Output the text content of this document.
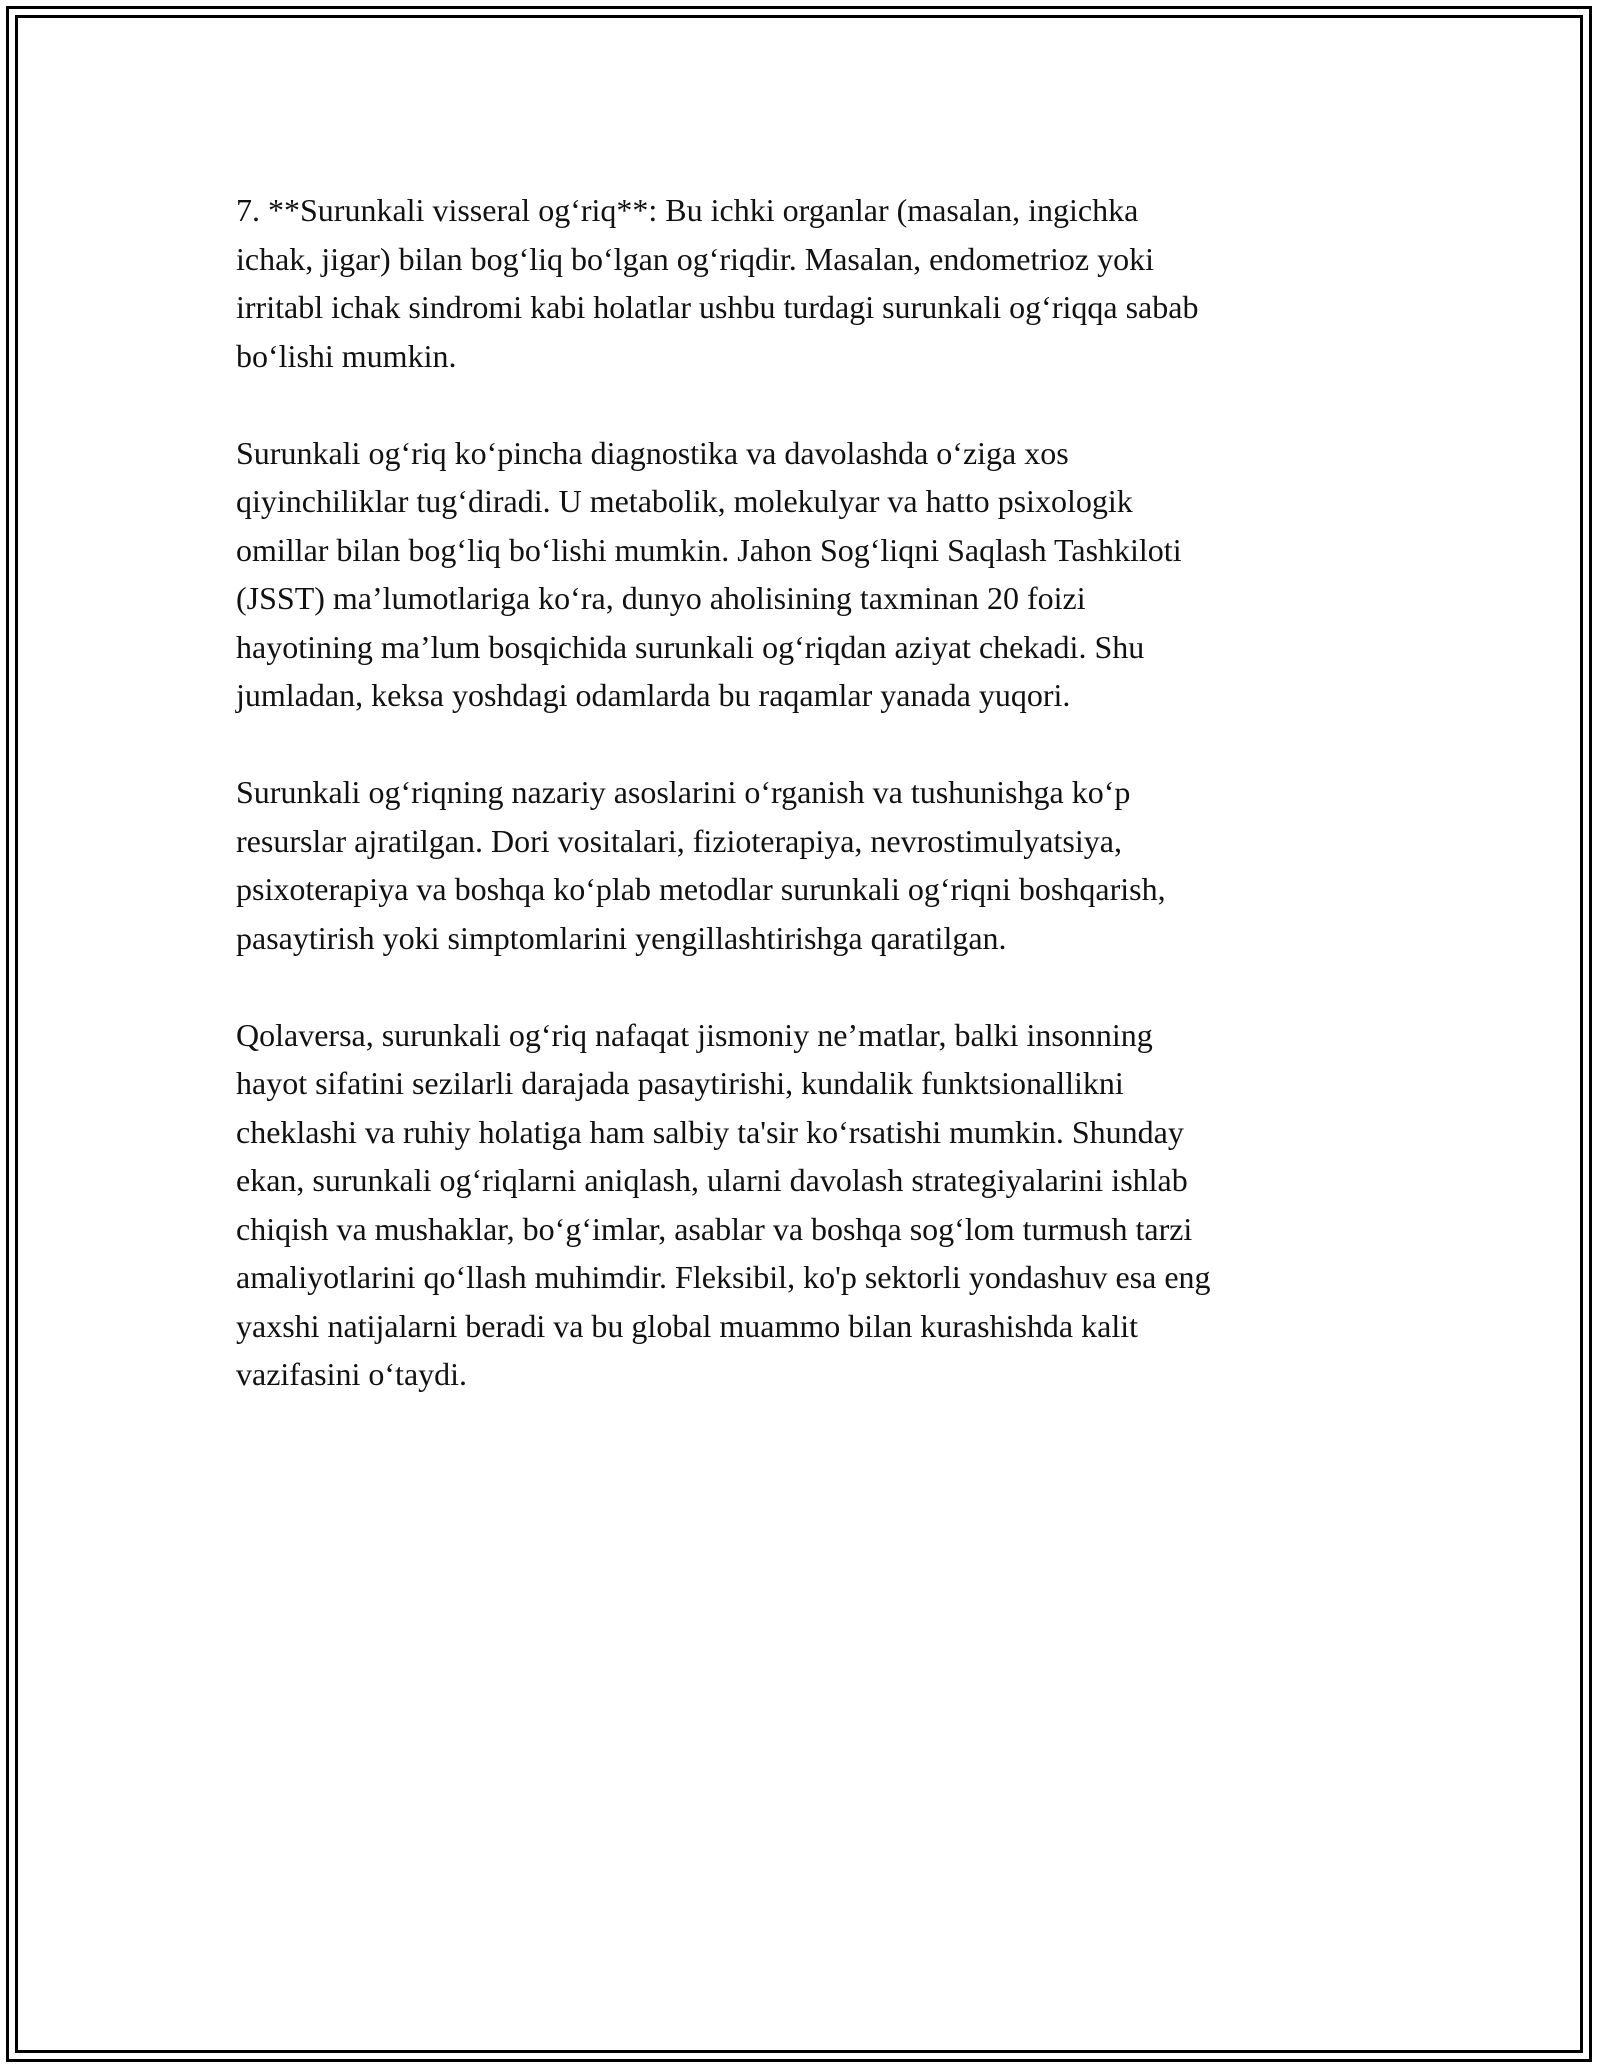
7. **Surunkali visseral og‘riq**: Bu ichki organlar (masalan, ingichka
ichak, jigar) bilan bog‘liq bo‘lgan og‘riqdir. Masalan, endometrioz yoki
irritabl ichak sindromi kabi holatlar ushbu turdagi surunkali og‘riqqa sabab
bo‘lishi mumkin.

Surunkali og‘riq ko‘pincha diagnostika va davolashda o‘ziga xos
qiyinchiliklar tug‘diradi. U metabolik, molekulyar va hatto psixologik
omillar bilan bog‘liq bo‘lishi mumkin. Jahon Sog‘liqni Saqlash Tashkiloti
(JSST) ma’lumotlariga ko‘ra, dunyo aholisining taxminan 20 foizi
hayotining ma’lum bosqichida surunkali og‘riqdan aziyat chekadi. Shu
jumladan, keksa yoshdagi odamlarda bu raqamlar yanada yuqori.

Surunkali og‘riqning nazariy asoslarini o‘rganish va tushunishga ko‘p
resurslar ajratilgan. Dori vositalari, fizioterapiya, nevrostimulyatsiya,
psixoterapiya va boshqa ko‘plab metodlar surunkali og‘riqni boshqarish,
pasaytirish yoki simptomlarini yengillashtirishga qaratilgan.

Qolaversa, surunkali og‘riq nafaqat jismoniy ne’matlar, balki insonning
hayot sifatini sezilarli darajada pasaytirishi, kundalik funktsionallikni
cheklashi va ruhiy holatiga ham salbiy ta'sir ko‘rsatishi mumkin. Shunday
ekan, surunkali og‘riqlarni aniqlash, ularni davolash strategiyalarini ishlab
chiqish va mushaklar, bo‘g‘imlar, asablar va boshqa sog‘lom turmush tarzi
amaliyotlarini qo‘llash muhimdir. Fleksibil, ko'p sektorli yondashuv esa eng
yaxshi natijalarni beradi va bu global muammo bilan kurashishda kalit
vazifasini o‘taydi.
